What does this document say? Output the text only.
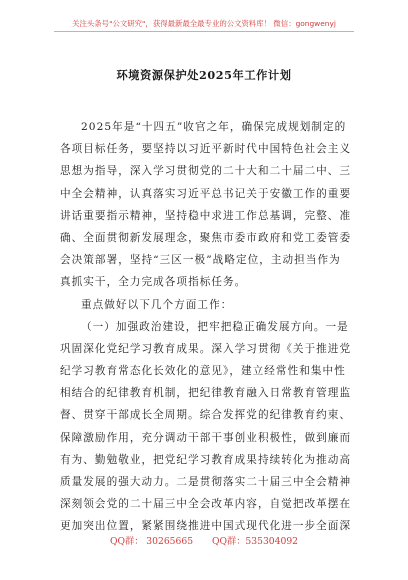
关注头条号"公文研究"，获得最新最全最专业的公文资料库！ 微信：gongwenyj
环境资源保护处2025年工作计划
2025年是“十四五”收官之年，确保完成规划制定的
各项目标任务，要坚持以习近平新时代中国特色社会主义
思想为指导，深入学习贯彻党的二十大和二十届二中、三
中全会精神，认真落实习近平总书记关于安徽工作的重要
讲话重要指示精神，坚持稳中求进工作总基调，完整、准
确、全面贯彻新发展理念，聚焦市委市政府和党工委管委
会决策部署，坚持“三区一极”战略定位，主动担当作为
真抓实干，全力完成各项指标任务。
重点做好以下几个方面工作：
（一）加强政治建设，把牢把稳正确发展方向。一是
巩固深化党纪学习教育成果。深入学习贯彻《关于推进党
纪学习教育常态化长效化的意见》，建立经常性和集中性
相结合的纪律教育机制，把纪律教育融入日常教育管理监
督、贯穿干部成长全周期。综合发挥党的纪律教育约束、
保障激励作用，充分调动干部干事创业积极性，做到廉而
有为、勤勉敬业，把党纪学习教育成果持续转化为推动高
质量发展的强大动力。二是贯彻落实二十届三中全会精神
深刻领会党的二十届三中全会改革内容，自觉把改革摆在
更加突出位置，紧紧围绕推进中国式现代化进一步全面深
QQ群： 30265665 QQ群：535304092
